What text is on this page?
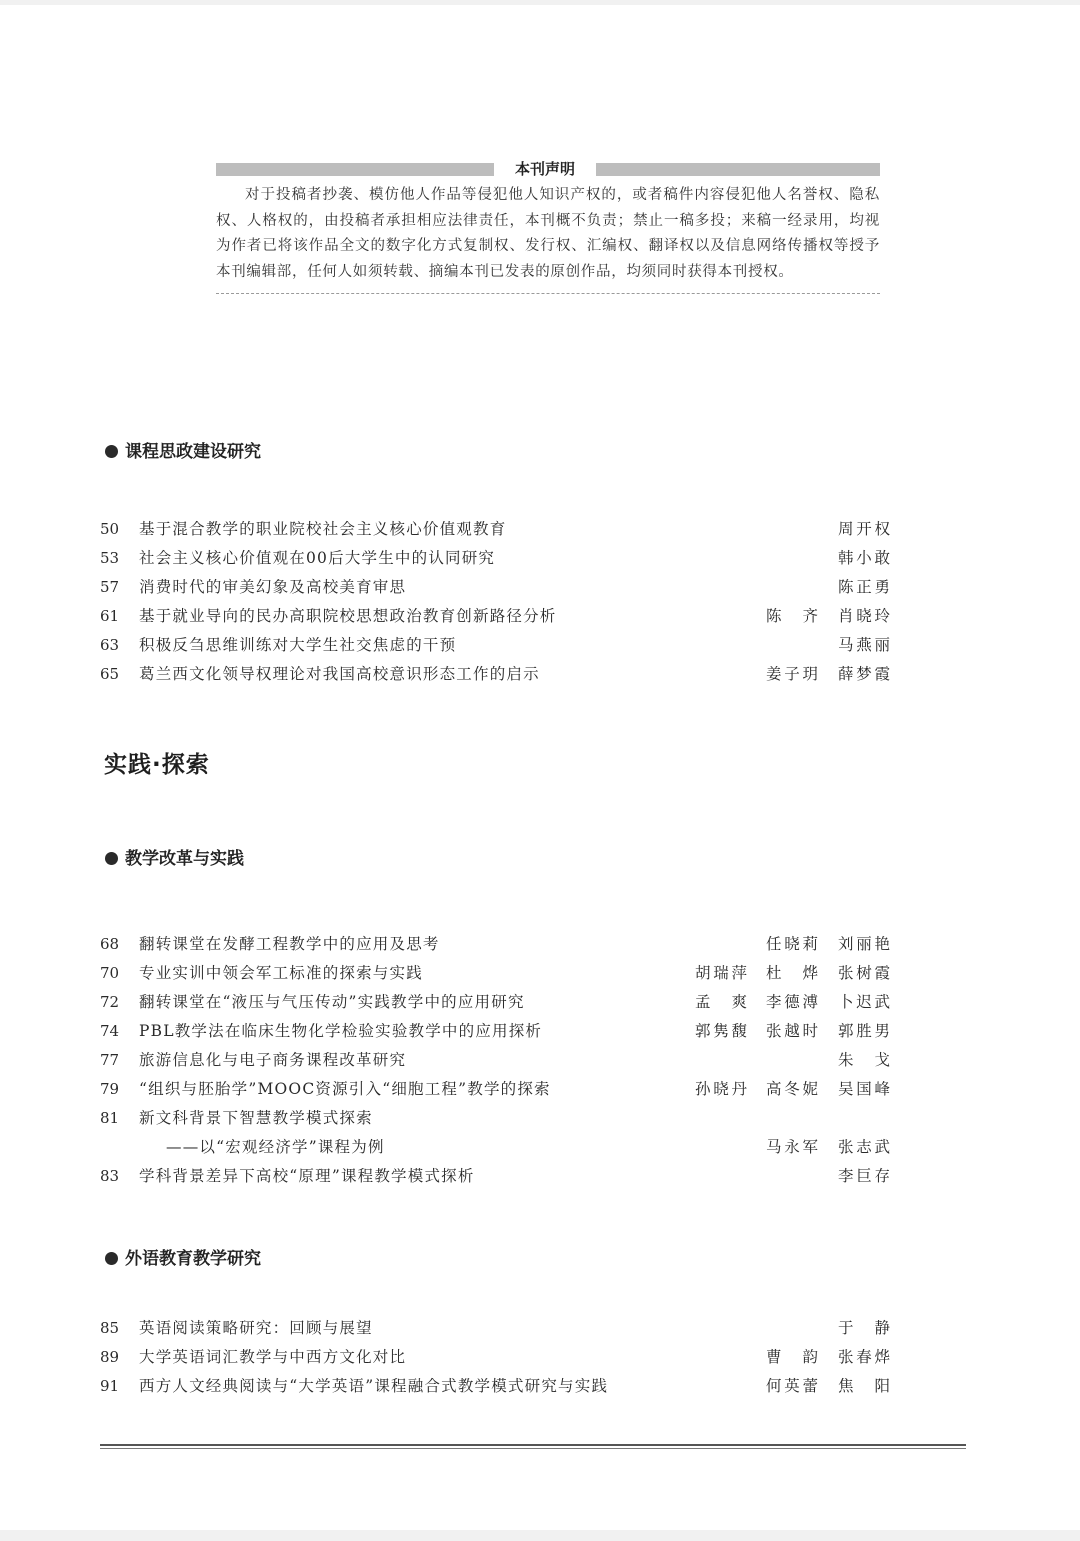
本刊声明
对于投稿者抄袭、模仿他人作品等侵犯他人知识产权的，或者稿件内容侵犯他人名誉权、隐私权、人格权的，由投稿者承担相应法律责任，本刊概不负责；禁止一稿多投；来稿一经录用，均视为作者已将该作品全文的数字化方式复制权、发行权、汇编权、翻译权以及信息网络传播权等授予本刊编辑部，任何人如须转载、摘编本刊已发表的原创作品，均须同时获得本刊授权。
课程思政建设研究
50	基于混合教学的职业院校社会主义核心价值观教育	周开权
53	社会主义核心价值观在00后大学生中的认同研究	韩小敢
57	消费时代的审美幻象及高校美育审思	陈正勇
61	基于就业导向的民办高职院校思想政治教育创新路径分析	陈 齐 肖晓玲
63	积极反刍思维训练对大学生社交焦虑的干预	马燕丽
65	葛兰西文化领导权理论对我国高校意识形态工作的启示	姜子玥 薛梦霞
实践·探索
教学改革与实践
68	翻转课堂在发酵工程教学中的应用及思考	任晓莉 刘丽艳
70	专业实训中领会军工标准的探索与实践	胡瑞萍 杜 烨 张树霞
72	翻转课堂在“液压与气压传动”实践教学中的应用研究	孟 爽 李德溥 卜迟武
74	PBL教学法在临床生物化学检验实验教学中的应用探析	郭隽馥 张越时 郭胜男
77	旅游信息化与电子商务课程改革研究	朱 戈
79	“组织与胚胎学”MOOC资源引入“细胞工程”教学的探索	孙晓丹 高冬妮 吴国峰
81	新文科背景下智慧教学模式探索
——以“宏观经济学”课程为例	马永军 张志武
83	学科背景差异下高校“原理”课程教学模式探析	李巨存
外语教育教学研究
85	英语阅读策略研究：回顾与展望	于 静
89	大学英语词汇教学与中西方文化对比	曹 韵 张春烨
91	西方人文经典阅读与“大学英语”课程融合式教学模式研究与实践	何英蕾 焦 阳
